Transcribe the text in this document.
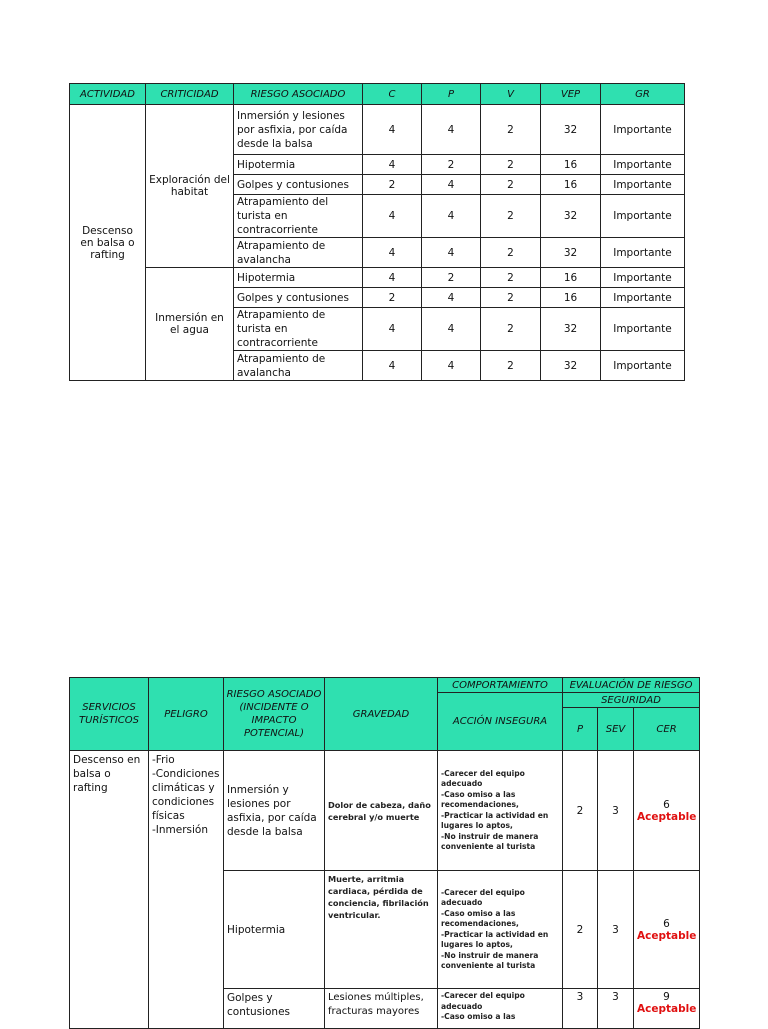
ACTIVIDAD	CRITICIDAD	RIESGO ASOCIADO	C	P	V	VEP	GR
Descenso en balsa o rafting	Exploración del habitat	Inmersión y lesiones por asfixia, por caída desde la balsa	4	4	2	32	Importante
		Hipotermia	4	2	2	16	Importante
		Golpes y contusiones	2	4	2	16	Importante
		Atrapamiento del turista en contracorriente	4	4	2	32	Importante
		Atrapamiento de avalancha	4	4	2	32	Importante
	Inmersión en el agua	Hipotermia	4	2	2	16	Importante
		Golpes y contusiones	2	4	2	16	Importante
		Atrapamiento de turista en contracorriente	4	4	2	32	Importante
		Atrapamiento de avalancha	4	4	2	32	Importante
SERVICIOS TURÍSTICOS	PELIGRO	RIESGO ASOCIADO (INCIDENTE O IMPACTO POTENCIAL)	GRAVEDAD	COMPORTAMIENTO	EVALUACIÓN DE RIESGO		
				ACCIÓN INSEGURA	SEGURIDAD		
					P	SEV	CER
Descenso en balsa o rafting	-Frio
-Condiciones climáticas y condiciones físicas
-Inmersión	Inmersión y lesiones por asfixia, por caída desde la balsa	Dolor de cabeza, daño cerebral y/o muerte	-Carecer del equipo adecuado
-Caso omiso a las recomendaciones,
-Practicar la actividad en lugares lo aptos,
-No instruir de manera conveniente al turista	2	3	6
Aceptable

		Hipotermia	Muerte, arritmia cardiaca, pérdida de conciencia, fibrilación ventricular.	-Carecer del equipo adecuado
-Caso omiso a las recomendaciones,
-Practicar la actividad en lugares lo aptos,
-No instruir de manera conveniente al turista	2	3	6
Aceptable

		Golpes y contusiones	Lesiones múltiples, fracturas mayores	-Carecer del equipo adecuado
-Caso omiso a las	3	3	9
Aceptable
